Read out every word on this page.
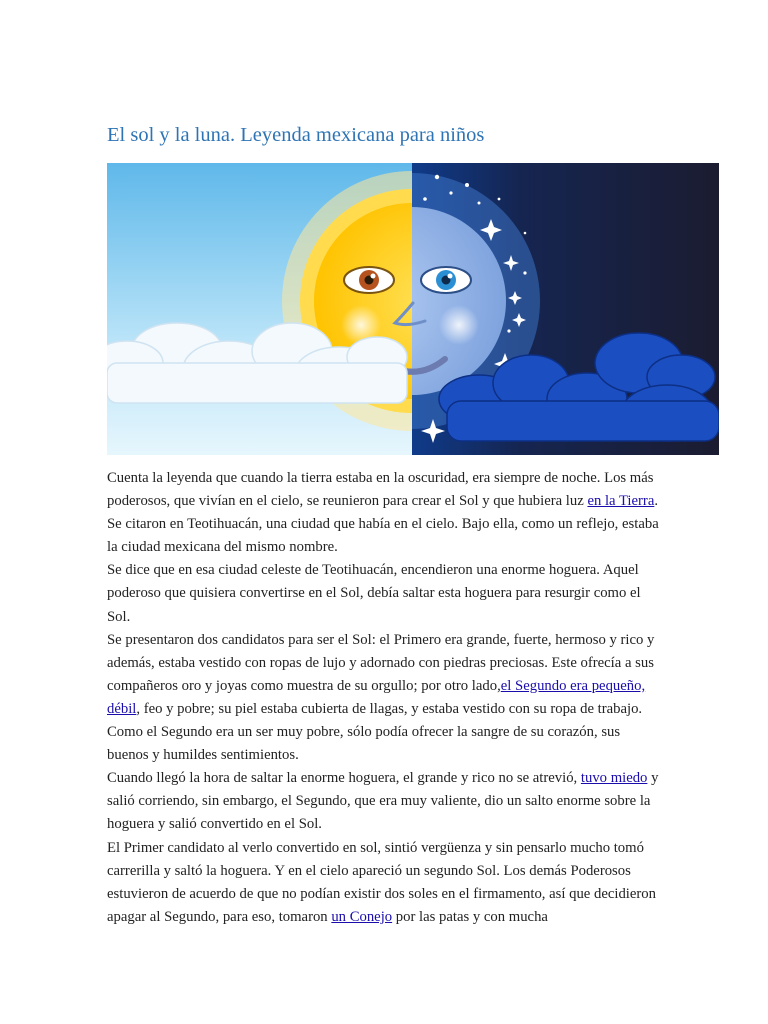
El sol y la luna. Leyenda mexicana para niños

Cuenta la leyenda que cuando la tierra estaba en la oscuridad, era siempre de noche. Los más poderosos, que vivían en el cielo, se reunieron para crear el Sol y que hubiera luz en la Tierra. Se citaron en Teotihuacán, una ciudad que había en el cielo. Bajo ella, como un reflejo, estaba la ciudad mexicana del mismo nombre.

Se dice que en esa ciudad celeste de Teotihuacán, encendieron una enorme hoguera. Aquel poderoso que quisiera convertirse en el Sol, debía saltar esta hoguera para resurgir como el Sol.

Se presentaron dos candidatos para ser el Sol: el Primero era grande, fuerte, hermoso y rico y además, estaba vestido con ropas de lujo y adornado con piedras preciosas. Este ofrecía a sus compañeros oro y joyas como muestra de su orgullo; por otro lado,el Segundo era pequeño, débil, feo y pobre; su piel estaba cubierta de llagas, y estaba vestido con su ropa de trabajo. Como el Segundo era un ser muy pobre, sólo podía ofrecer la sangre de su corazón, sus buenos y humildes sentimientos.

Cuando llegó la hora de saltar la enorme hoguera, el grande y rico no se atrevió, tuvo miedo y salió corriendo, sin embargo, el Segundo, que era muy valiente, dio un salto enorme sobre la hoguera y salió convertido en el Sol.

El Primer candidato al verlo convertido en sol, sintió vergüenza y sin pensarlo mucho tomó carrerilla y saltó la hoguera. Y en el cielo apareció un segundo Sol. Los demás Poderosos estuvieron de acuerdo de que no podían existir dos soles en el firmamento, así que decidieron apagar al Segundo, para eso, tomaron un Conejo por las patas y con mucha
